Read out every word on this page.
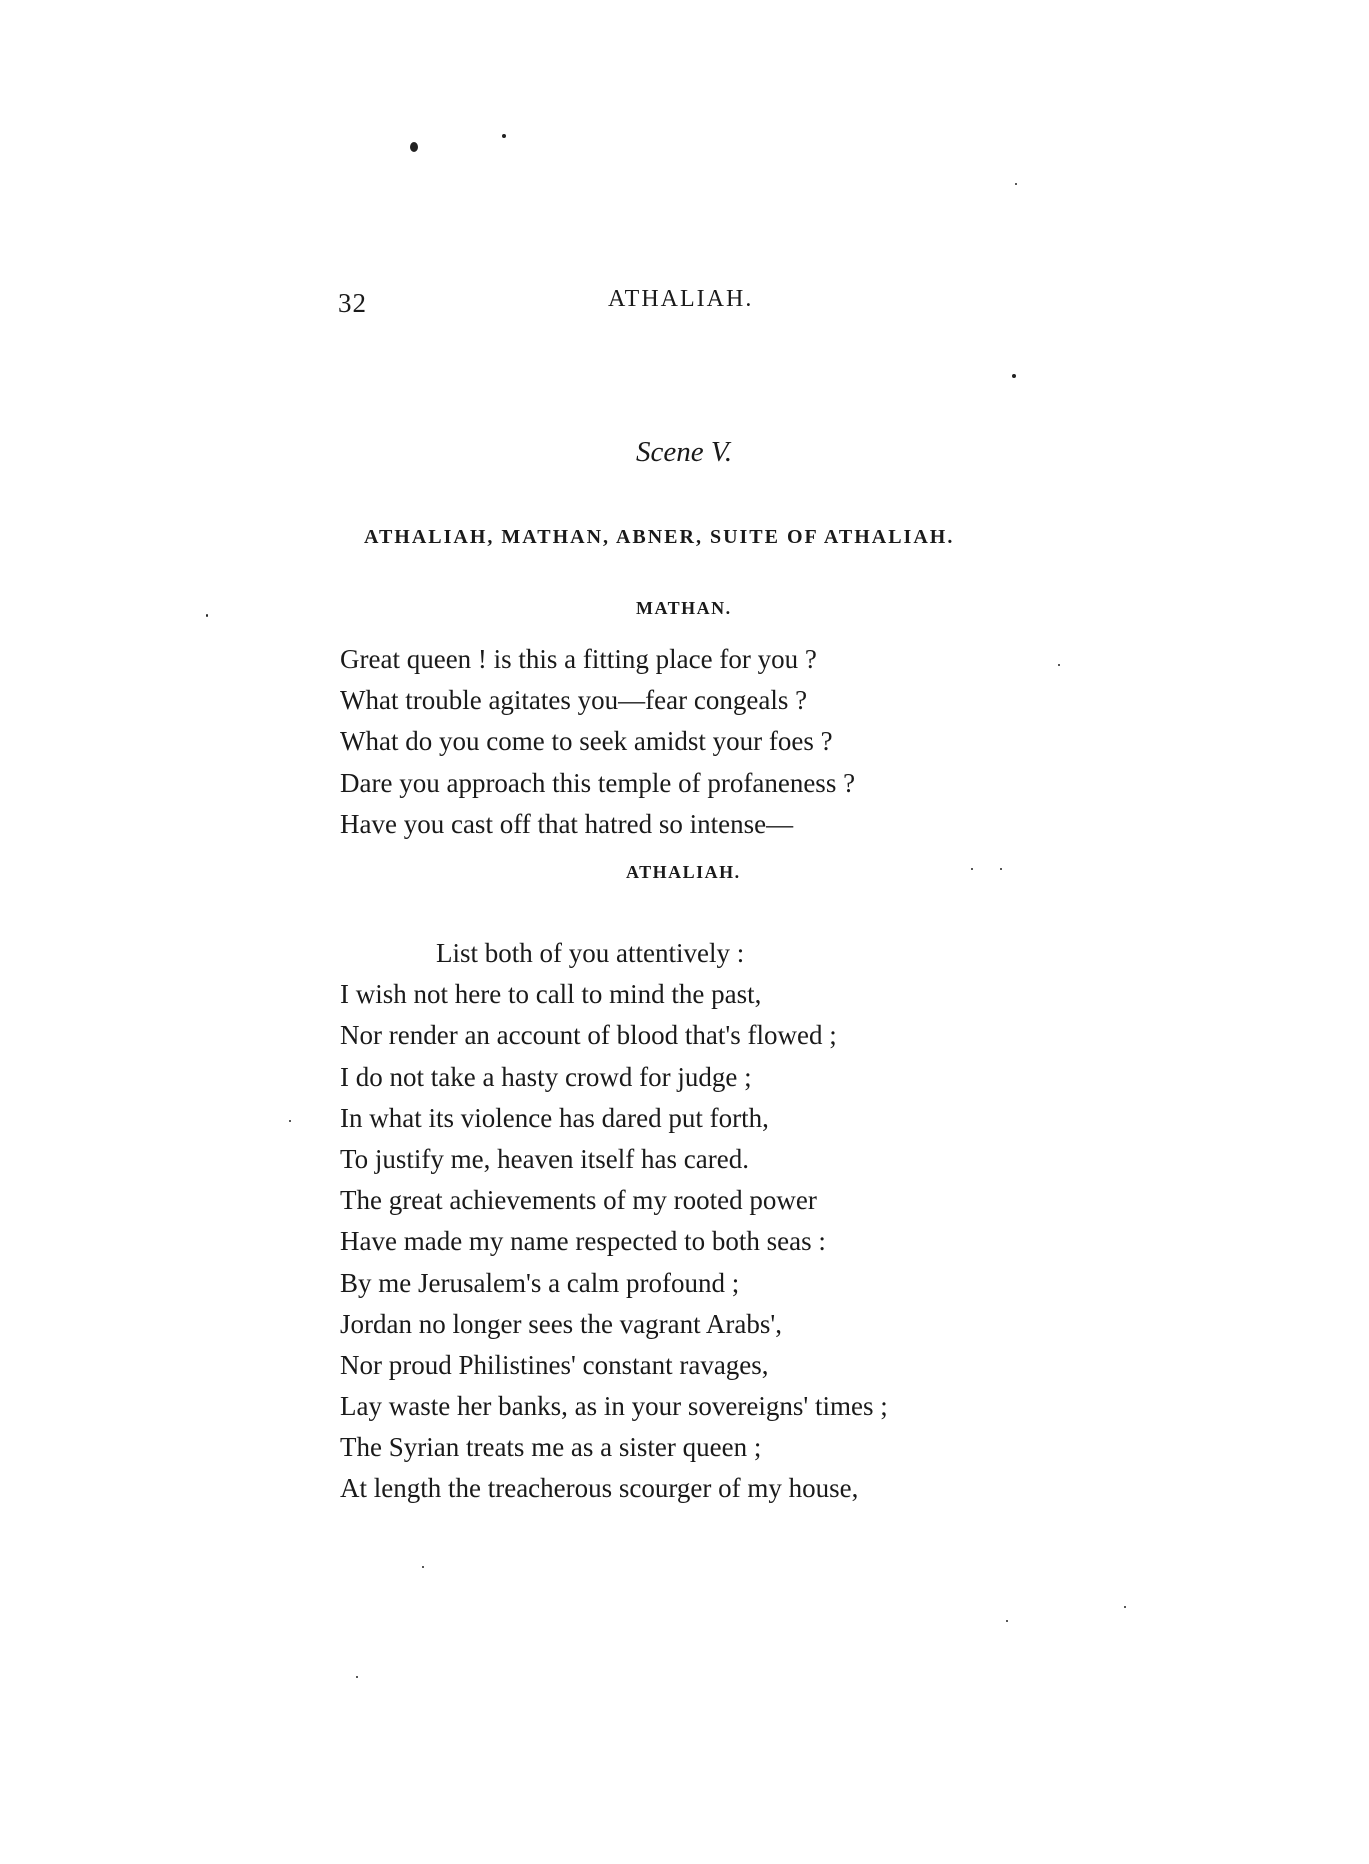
32	ATHALIAH.
Scene V.
ATHALIAH, MATHAN, ABNER, SUITE OF ATHALIAH.
MATHAN.
Great queen ! is this a fitting place for you ?
What trouble agitates you—fear congeals ?
What do you come to seek amidst your foes ?
Dare you approach this temple of profaneness ?
Have you cast off that hatred so intense—
ATHALIAH.
List both of you attentively :
I wish not here to call to mind the past,
Nor render an account of blood that's flowed ;
I do not take a hasty crowd for judge ;
In what its violence has dared put forth,
To justify me, heaven itself has cared.
The great achievements of my rooted power
Have made my name respected to both seas :
By me Jerusalem's a calm profound ;
Jordan no longer sees the vagrant Arabs',
Nor proud Philistines' constant ravages,
Lay waste her banks, as in your sovereigns' times ;
The Syrian treats me as a sister queen ;
At length the treacherous scourger of my house,
